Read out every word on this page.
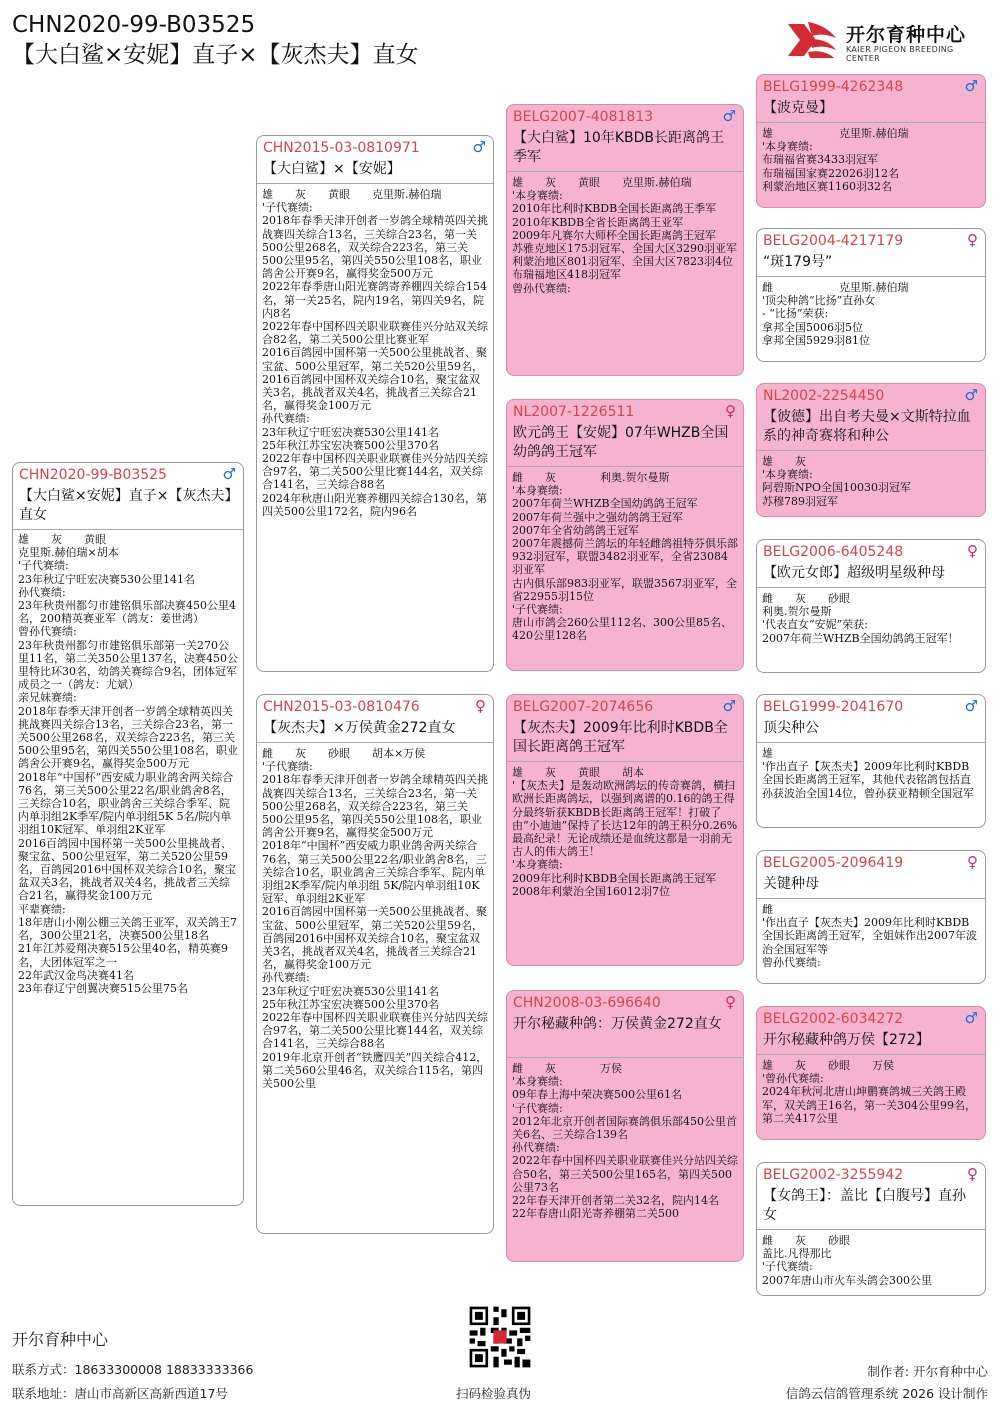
CHN2020-99-B03525
【大白鲨×安妮】直子×【灰杰夫】直女
开尔育种中心
KAIER PIGEON BREEDING CENTER
CHN2020-99-B03525	♂
【大白鲨×安妮】直子×【灰杰夫】直女
雄　　灰　　黄眼
克里斯.赫伯瑞×胡本
'子代赛绩:
23年秋辽宁旺宏决赛530公里141名
孙代赛绩:
23年秋贵州都匀市建铭俱乐部决赛450公里4名，200精英赛亚军（鸽友：姜世鸿）
曾孙代赛绩:
23年秋贵州都匀市建铭俱乐部第一关270公里11名，第二关350公里137名，决赛450公里特比环30名，幼鸽关赛综合9名，团体冠军成员之一（鸽友：尤斌）
亲兄妹赛绩:
2018年春季天津开创者一岁鸽全球精英四关挑战赛四关综合13名，三关综合23名，第一关500公里268名，双关综合223名，第三关500公里95名，第四关550公里108名，职业鸽舍公开赛9名，赢得奖金500万元
2018年“中国杯”西安威力职业鸽舍两关综合76名，第三关500公里22名/职业鸽舍8名，三关综合10名，职业鸽舍三关综合季军、院内单羽组2K季军/院内单羽组5K 5名/院内单羽组10K冠军、单羽组2K亚军
2016百鸽园中国杯第一关500公里挑战者、聚宝盆、500公里冠军，第二关520公里59名，百鸽园2016中国杯双关综合10名，聚宝盆双关3名，挑战者双关4名，挑战者三关综合21名，赢得奖金100万元
平辈赛绩:
18年唐山小刚公棚三关鸽王亚军，双关鸽王7名，300公里21名，决赛500公里18名
21年江苏爱翔决赛515公里40名，精英赛9名，大团体冠军之一
22年武汉金鸟决赛41名
23年春辽宁创翼决赛515公里75名
CHN2015-03-0810971	♂
【大白鲨】×【安妮】
雄　　灰　　黄眼　　克里斯.赫伯瑞
'子代赛绩:
2018年春季天津开创者一岁鸽全球精英四关挑战赛四关综合13名，三关综合23名，第一关500公里268名，双关综合223名，第三关500公里95名，第四关550公里108名，职业鸽舍公开赛9名，赢得奖金500万元
2022年春季唐山阳光赛鸽寄养棚四关综合154名，第一关25名，院内19名，第四关9名，院内8名
2022年春中国杯四关职业联赛佳兴分站双关综合82名，第二关500公里比赛亚军
2016百鸽园中国杯第一关500公里挑战者、聚宝盆、500公里冠军，第二关520公里59名，
2016百鸽园中国杯双关综合10名，聚宝盆双关3名，挑战者双关4名，挑战者三关综合21名，赢得奖金100万元
孙代赛绩:
23年秋辽宁旺宏决赛530公里141名
25年秋江苏宝宏决赛500公里370名
2022年春中国杯四关职业联赛佳兴分站四关综合97名，第二关500公里比赛144名，双关综合141名，三关综合88名
2024年秋唐山阳光赛养棚四关综合130名，第四关500公里172名，院内96名
CHN2015-03-0810476	♀
【灰杰夫】×万侯黄金272直女
雌　　灰　　砂眼　　胡本×万侯
'子代赛绩:
2018年春季天津开创者一岁鸽全球精英四关挑战赛四关综合13名，三关综合23名，第一关500公里268名，双关综合223名，第三关500公里95名，第四关550公里108名，职业鸽舍公开赛9名，赢得奖金500万元
2018年“中国杯”西安威力职业鸽舍两关综合76名，第三关500公里22名/职业鸽舍8名，三关综合10名，职业鸽舍三关综合季军、院内单羽组2K季军/院内单羽组 5K/院内单羽组10K冠军、单羽组2K亚军
2016百鸽园中国杯第一关500公里挑战者、聚宝盆、500公里冠军，第二关520公里59名，百鸽园2016中国杯双关综合10名，聚宝盆双关3名，挑战者双关4名，挑战者三关综合21名，赢得奖金100万元
孙代赛绩:
23年秋辽宁旺宏决赛530公里141名
25年秋江苏宝宏决赛500公里370名
2022年春中国杯四关职业联赛佳兴分站四关综合97名，第二关500公里比赛144名，双关综合141名，三关综合88名
2019年北京开创者“铁鹰四关”四关综合412，第二关560公里46名，双关综合115名，第四关500公里
BELG2007-4081813	♂
【大白鲨】10年KBDB长距离鸽王季军
雄　　灰　　黄眼　　克里斯.赫伯瑞
'本身赛绩:
2010年比利时KBDB全国长距离鸽王季军
2010年KBDB全省长距离鸽王亚军
2009年凡赛尔大师杯全国长距离鸽王冠军
苏雅克地区175羽冠军、全国大区3290羽亚军
利蒙治地区801羽冠军、全国大区7823羽4位
布瑞福地区418羽冠军
曾孙代赛绩:
NL2007-1226511	♀
欧元鸽王【安妮】07年WHZB全国幼鸽鸽王冠军
雌　　灰　　　　利奥.贺尔曼斯
'本身赛绩:
2007年荷兰WHZB全国幼鸽鸽王冠军
2007年荷兰强中之强幼鸽鸽王冠军
2007年全省幼鸽鸽王冠军
2007年震撼荷兰鸽坛的年轻雌鸽祖特芬俱乐部932羽冠军，联盟3482羽亚军，全省23084羽亚军
古内俱乐部983羽亚军，联盟3567羽亚军，全省22955羽15位
'子代赛绩:
唐山市鸽会260公里112名、300公里85名、420公里128名
BELG2007-2074656	♂
【灰杰夫】2009年比利时KBDB全国长距离鸽王冠军
雄　　灰　　黄眼　　胡本
'【灰杰夫】是轰动欧洲鸽坛的传奇赛鸽，横扫欧洲长距离鸽坛，以强到离谱的0.16的鸽王得分最终斩获KBDB长距离鸽王冠军！打破了由“小迪迪”保持了长达12年的鸽王积分0.26%最高纪录！无论成绩还是血统这都是一羽前无古人的伟大鸽王！
'本身赛绩:
2009年比利时KBDB全国长距离鸽王冠军
2008年利蒙治全国16012羽7位
CHN2008-03-696640	♀
开尔秘藏种鸽：万侯黄金272直女
雌　　灰　　　　万侯
'本身赛绩:
09年春上海中荣决赛500公里61名
'子代赛绩:
2012年北京开创者国际赛鸽俱乐部450公里首关6名、三关综合139名
孙代赛绩:
2022年春中国杯四关职业联赛佳兴分站四关综合50名，第三关500公里165名，第四关500公里73名
22年春天津开创者第二关32名，院内14名
22年春唐山阳光寄养棚第二关500
BELG1999-4262348	♂
【波克曼】
雄　　　　　　克里斯.赫伯瑞
'本身赛绩:
布瑞福省赛3433羽冠军
布瑞福国家赛22026羽12名
利蒙治地区赛1160羽32名
BELG2004-4217179	♀
“斑179号”
雌　　　　　　克里斯.赫伯瑞
'顶尖种鸽“比扬”直孙女
- “比扬”荣获:
拿邦全国5006羽5位
拿邦全国5929羽81位
NL2002-2254450	♂
【彼德】出自考夫曼×文斯特拉血系的神奇赛将和种公
雄　　灰
'本身赛绩:
阿碧斯NPO全国10030羽冠军
苏穆789羽冠军
BELG2006-6405248	♀
【欧元女郎】超级明星级种母
雌　　灰　　砂眼
利奥.贺尔曼斯
'代表直女“安妮”荣获:
2007年荷兰WHZB全国幼鸽鸽王冠军！
BELG1999-2041670	♂
顶尖种公
雄
'作出直子【灰杰夫】2009年比利时KBDB全国长距离鸽王冠军，其他代表铭鸽包括直孙获波治全国14位，曾孙获亚精顿全国冠军
BELG2005-2096419	♀
关键种母
雌
'作出直子【灰杰夫】2009年比利时KBDB全国长距离鸽王冠军，全姐妹作出2007年波治全国冠军等
曾孙代赛绩:
BELG2002-6034272	♂
开尔秘藏种鸽万侯【272】
雄　　灰　　砂眼　　万侯
'曾孙代赛绩:
2024年秋河北唐山坤鹏赛鸽城三关鸽王殿军，双关鸽王16名，第一关304公里99名，第二关417公里
BELG2002-3255942	♀
【女鸽王】：盖比【白腹号】直孙女
雌　　灰　　砂眼
盖比.凡得那比
'子代赛绩:
2007年唐山市火车头鸽会300公里
开尔育种中心
联系方式：18633300008 18833333366
联系地址：唐山市高新区高新西道17号	扫码检验真伪
制作者: 开尔育种中心
信鸽云信鸽管理系统 2026 设计制作
